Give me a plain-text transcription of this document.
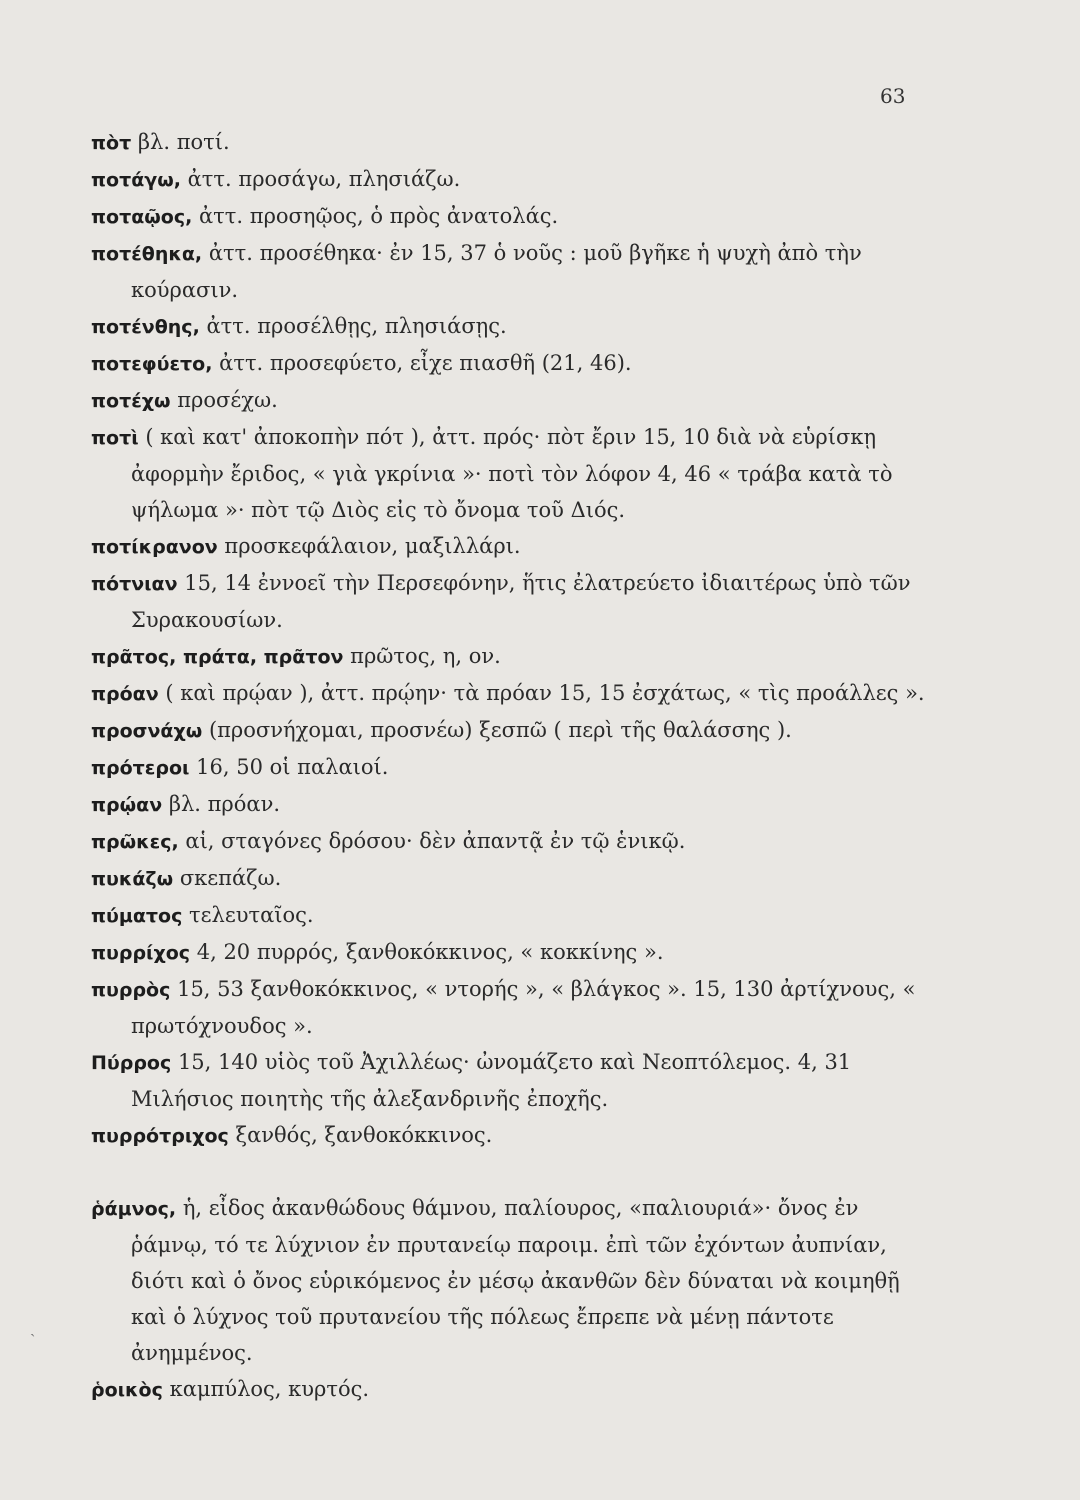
63

πὸτ βλ. ποτί.

ποτάγω, ἀττ. προσάγω, πλησιάζω.

ποταῷος, ἀττ. προσηῷος, ὁ πρὸς ἀνατολάς.

ποτέθηκα, ἀττ. προσέθηκα· ἐν 15, 37 ὁ νοῦς : μοῦ βγῆκε ἡ ψυχὴ ἀπὸ τὴν κούρασιν.

ποτένθης, ἀττ. προσέλθῃς, πλησιάσῃς.

ποτεφύετο, ἀττ. προσεφύετο, εἶχε πιασθῆ (21, 46).

ποτέχω προσέχω.

ποτὶ ( καὶ κατ' ἀποκοπὴν πότ ), ἀττ. πρός· πὸτ ἔριν 15, 10 διὰ νὰ εὑρίσκῃ ἀφορμὴν ἔριδος, « γιὰ γκρίνια »· ποτὶ τὸν λόφον 4, 46 « τράβα κατὰ τὸ ψήλωμα »· πὸτ τῷ Διὸς εἰς τὸ ὄνομα τοῦ Διός.

ποτίκρανον προσκεφάλαιον, μαξιλλάρι.

πότνιαν 15, 14 ἐννοεῖ τὴν Περσεφόνην, ἥτις ἐλατρεύετο ἰδιαιτέρως ὑπὸ τῶν Συρακουσίων.

πρᾶτος, πράτα, πρᾶτον πρῶτος, η, ον.

πρόαν ( καὶ πρῴαν ), ἀττ. πρῴην· τὰ πρόαν 15, 15 ἐσχάτως, « τὶς προάλλες ».

προσνάχω (προσνήχομαι, προσνέω) ξεσπῶ ( περὶ τῆς θαλάσσης ).

πρότεροι 16, 50 οἱ παλαιοί.

πρῴαν βλ. πρόαν.

πρῶκες, αἱ, σταγόνες δρόσου· δὲν ἀπαντᾷ ἐν τῷ ἑνικῷ.

πυκάζω σκεπάζω.

πύματος τελευταῖος.

πυρρίχος 4, 20 πυρρός, ξανθοκόκκινος, « κοκκίνης ».

πυρρὸς 15, 53 ξανθοκόκκινος, « ντορής », « βλάγκος ». 15, 130 ἀρτίχνους, « πρωτόχνουδος ».

Πύρρος 15, 140 υἱὸς τοῦ Ἀχιλλέως· ὠνομάζετο καὶ Νεοπτόλεμος. 4, 31 Μιλήσιος ποιητὴς τῆς ἀλεξανδρινῆς ἐποχῆς.

πυρρότριχος ξανθός, ξανθοκόκκινος.

ῥάμνος, ἡ, εἶδος ἀκανθώδους θάμνου, παλίουρος, «παλιουριά»· ὄνος ἐν ῥάμνῳ, τό τε λύχνιον ἐν πρυτανείῳ παροιμ. ἐπὶ τῶν ἐχόντων ἀυπνίαν, διότι καὶ ὁ ὄνος εὑρικόμενος ἐν μέσῳ ἀκανθῶν δὲν δύναται νὰ κοιμηθῇ καὶ ὁ λύχνος τοῦ πρυτανείου τῆς πόλεως ἔπρεπε νὰ μένῃ πάντοτε ἀνημμένος.

ῥοικὸς καμπύλος, κυρτός.

ˎ
